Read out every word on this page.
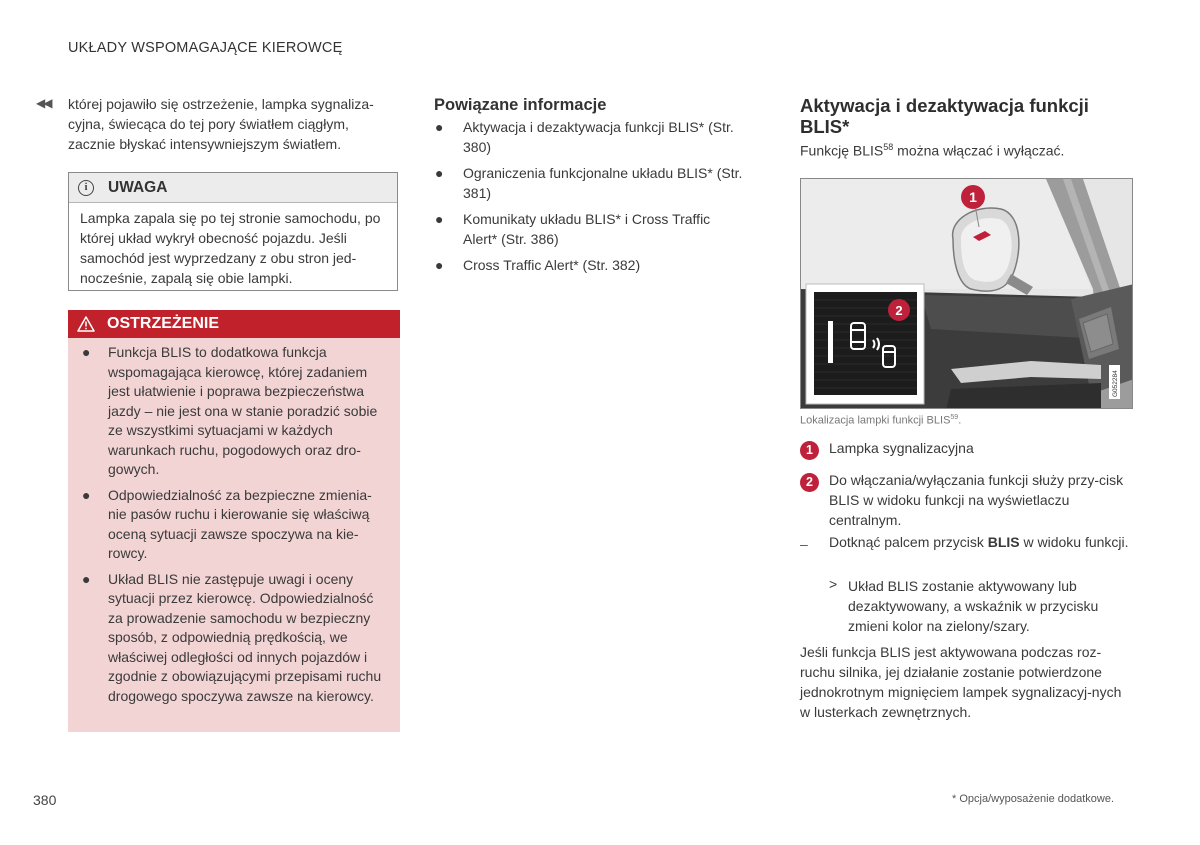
UKŁADY WSPOMAGAJĄCE KIEROWCĘ
◀◀ której pojawiło się ostrzeżenie, lampka sygnaliza-cyjna, świecąca do tej pory światłem ciągłym, zacznie błyskać intensywniejszym światłem.
i	UWAGA
Lampka zapala się po tej stronie samochodu, po której układ wykrył obecność pojazdu. Jeśli samochód jest wyprzedzany z obu stron jed-nocześnie, zapalą się obie lampki.
OSTRZEŻENIE
● Funkcja BLIS to dodatkowa funkcja wspomagająca kierowcę, której zadaniem jest ułatwienie i poprawa bezpieczeństwa jazdy – nie jest ona w stanie poradzić sobie ze wszystkimi sytuacjami w każdych warunkach ruchu, pogodowych oraz dro-gowych.
● Odpowiedzialność za bezpieczne zmienia-nie pasów ruchu i kierowanie się właściwą oceną sytuacji zawsze spoczywa na kie-rowcy.
● Układ BLIS nie zastępuje uwagi i oceny sytuacji przez kierowcę. Odpowiedzialność za prowadzenie samochodu w bezpieczny sposób, z odpowiednią prędkością, we właściwej odległości od innych pojazdów i zgodnie z obowiązującymi przepisami ruchu drogowego spoczywa zawsze na kierowcy.
Powiązane informacje
● Aktywacja i dezaktywacja funkcji BLIS* (Str. 380)
● Ograniczenia funkcjonalne układu BLIS* (Str. 381)
● Komunikaty układu BLIS* i Cross Traffic Alert* (Str. 386)
● Cross Traffic Alert* (Str. 382)
Aktywacja i dezaktywacja funkcji BLIS*
Funkcję BLIS$^{58}$ można włączać i wyłączać.
1
2
G052284
Lokalizacja lampki funkcji BLIS$^{59}$.
1	Lampka sygnalizacyjna
2	Do włączania/wyłączania funkcji służy przy-cisk BLIS w widoku funkcji na wyświetlaczu centralnym.
– Dotknąć palcem przycisk BLIS w widoku funkcji.
> Układ BLIS zostanie aktywowany lub dezaktywowany, a wskaźnik w przycisku zmieni kolor na zielony/szary.
Jeśli funkcja BLIS jest aktywowana podczas roz-ruchu silnika, jej działanie zostanie potwierdzone jednokrotnym mignięciem lampek sygnalizacyj-nych w lusterkach zewnętrznych.
380	* Opcja/wyposażenie dodatkowe.
